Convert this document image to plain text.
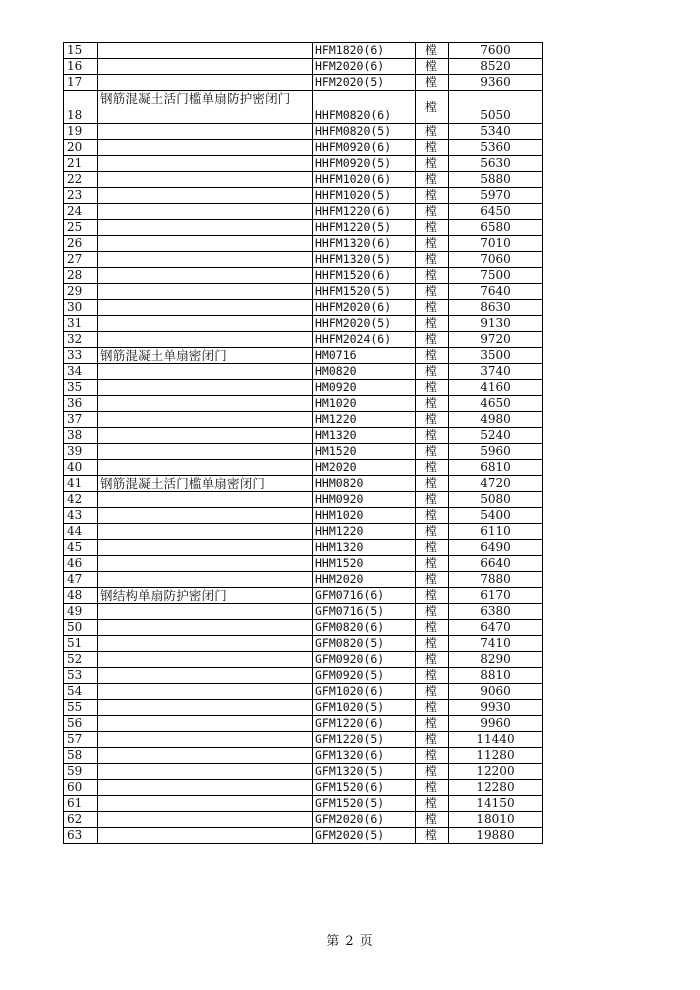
15		HFM1820(6)	樘	7600
16		HFM2020(6)	樘	8520
17		HFM2020(5)	樘	9360
18	钢筋混凝土活门槛单扇防护密闭门	HHFM0820(6)	樘	5050
19		HHFM0820(5)	樘	5340
20		HHFM0920(6)	樘	5360
21		HHFM0920(5)	樘	5630
22		HHFM1020(6)	樘	5880
23		HHFM1020(5)	樘	5970
24		HHFM1220(6)	樘	6450
25		HHFM1220(5)	樘	6580
26		HHFM1320(6)	樘	7010
27		HHFM1320(5)	樘	7060
28		HHFM1520(6)	樘	7500
29		HHFM1520(5)	樘	7640
30		HHFM2020(6)	樘	8630
31		HHFM2020(5)	樘	9130
32		HHFM2024(6)	樘	9720
33	钢筋混凝土单扇密闭门	HM0716	樘	3500
34		HM0820	樘	3740
35		HM0920	樘	4160
36		HM1020	樘	4650
37		HM1220	樘	4980
38		HM1320	樘	5240
39		HM1520	樘	5960
40		HM2020	樘	6810
41	钢筋混凝土活门槛单扇密闭门	HHM0820	樘	4720
42		HHM0920	樘	5080
43		HHM1020	樘	5400
44		HHM1220	樘	6110
45		HHM1320	樘	6490
46		HHM1520	樘	6640
47		HHM2020	樘	7880
48	钢结构单扇防护密闭门	GFM0716(6)	樘	6170
49		GFM0716(5)	樘	6380
50		GFM0820(6)	樘	6470
51		GFM0820(5)	樘	7410
52		GFM0920(6)	樘	8290
53		GFM0920(5)	樘	8810
54		GFM1020(6)	樘	9060
55		GFM1020(5)	樘	9930
56		GFM1220(6)	樘	9960
57		GFM1220(5)	樘	11440
58		GFM1320(6)	樘	11280
59		GFM1320(5)	樘	12200
60		GFM1520(6)	樘	12280
61		GFM1520(5)	樘	14150
62		GFM2020(6)	樘	18010
63		GFM2020(5)	樘	19880
第 2 页
